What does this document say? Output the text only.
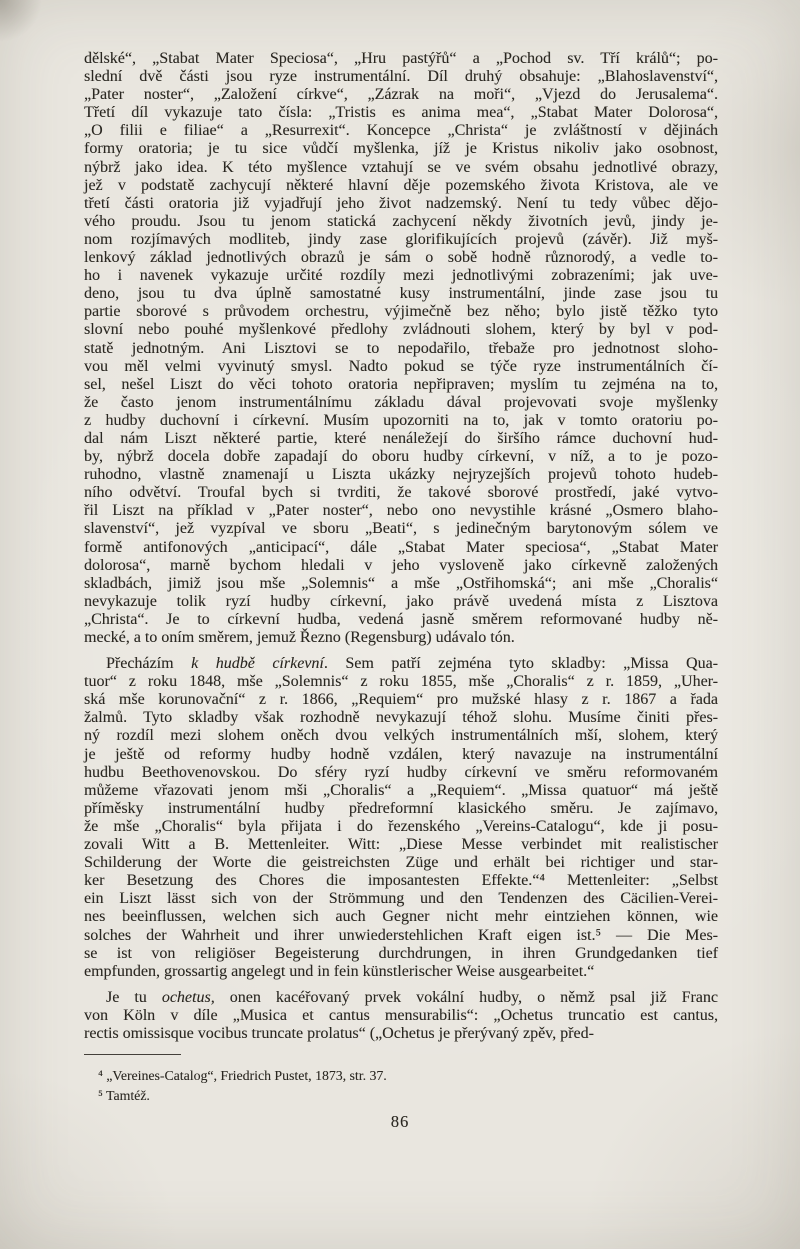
dělské“, „Stabat Mater Speciosa“, „Hru pastýřů“ a „Pochod sv. Tří králů“; po-
slední dvě části jsou ryze instrumentální. Díl druhý obsahuje: „Blahoslavenství“,
„Pater noster“, „Založení církve“, „Zázrak na moři“, „Vjezd do Jerusalema“.
Třetí díl vykazuje tato čísla: „Tristis es anima mea“, „Stabat Mater Dolorosa“,
„O filii e filiae“ a „Resurrexit“. Koncepce „Christa“ je zvláštností v dějinách
formy oratoria; je tu sice vůdčí myšlenka, jíž je Kristus nikoliv jako osobnost,
nýbrž jako idea. K této myšlence vztahují se ve svém obsahu jednotlivé obrazy,
jež v podstatě zachycují některé hlavní děje pozemského života Kristova, ale ve
třetí části oratoria již vyjadřují jeho život nadzemský. Není tu tedy vůbec dějo-
vého proudu. Jsou tu jenom statická zachycení někdy životních jevů, jindy je-
nom rozjímavých modliteb, jindy zase glorifikujících projevů (závěr). Již myš-
lenkový základ jednotlivých obrazů je sám o sobě hodně různorodý, a vedle to-
ho i navenek vykazuje určité rozdíly mezi jednotlivými zobrazeními; jak uve-
deno, jsou tu dva úplně samostatné kusy instrumentální, jinde zase jsou tu
partie sborové s průvodem orchestru, výjimečně bez něho; bylo jistě těžko tyto
slovní nebo pouhé myšlenkové předlohy zvládnouti slohem, který by byl v pod-
statě jednotným. Ani Lisztovi se to nepodařilo, třebaže pro jednotnost sloho-
vou měl velmi vyvinutý smysl. Nadto pokud se týče ryze instrumentálních čí-
sel, nešel Liszt do věci tohoto oratoria nepřipraven; myslím tu zejména na to,
že často jenom instrumentálnímu základu dával projevovati svoje myšlenky
z hudby duchovní i církevní. Musím upozorniti na to, jak v tomto oratoriu po-
dal nám Liszt některé partie, které nenáležejí do širšího rámce duchovní hud-
by, nýbrž docela dobře zapadají do oboru hudby církevní, v níž, a to je pozo-
ruhodno, vlastně znamenají u Liszta ukázky nejryzejších projevů tohoto hudeb-
ního odvětví. Troufal bych si tvrditi, že takové sborové prostředí, jaké vytvo-
řil Liszt na příklad v „Pater noster“, nebo ono nevystihle krásné „Osmero blaho-
slavenství“, jež vyzpíval ve sboru „Beati“, s jedinečným barytonovým sólem ve
formě antifonových „anticipací“, dále „Stabat Mater speciosa“, „Stabat Mater
dolorosa“, marně bychom hledali v jeho vysloveně jako církevně založených
skladbách, jimiž jsou mše „Solemnis“ a mše „Ostřihomská“; ani mše „Choralis“
nevykazuje tolik ryzí hudby církevní, jako právě uvedená místa z Lisztova
„Christa“. Je to církevní hudba, vedená jasně směrem reformované hudby ně-
mecké, a to oním směrem, jemuž Řezno (Regensburg) udávalo tón.
Přecházím k hudbě církevní. Sem patří zejména tyto skladby: „Missa Qua-
tuor“ z roku 1848, mše „Solemnis“ z roku 1855, mše „Choralis“ z r. 1859, „Uher-
ská mše korunovační“ z r. 1866, „Requiem“ pro mužské hlasy z r. 1867 a řada
žalmů. Tyto skladby však rozhodně nevykazují téhož slohu. Musíme činiti přes-
ný rozdíl mezi slohem oněch dvou velkých instrumentálních mší, slohem, který
je ještě od reformy hudby hodně vzdálen, který navazuje na instrumentální
hudbu Beethovenovskou. Do sféry ryzí hudby církevní ve směru reformovaném
můžeme vřazovati jenom mši „Choralis“ a „Requiem“. „Missa quatuor“ má ještě
příměsky instrumentální hudby předreformní klasického směru. Je zajímavo,
že mše „Choralis“ byla přijata i do řezenského „Vereins-Catalogu“, kde ji posu-
zovali Witt a B. Mettenleiter. Witt: „Diese Messe verbindet mit realistischer
Schilderung der Worte die geistreichsten Züge und erhält bei richtiger und star-
ker Besetzung des Chores die imposantesten Effekte.“⁴ Mettenleiter: „Selbst
ein Liszt lässt sich von der Strömmung und den Tendenzen des Cäcilien-Verei-
nes beeinflussen, welchen sich auch Gegner nicht mehr eintziehen können, wie
solches der Wahrheit und ihrer unwiederstehlichen Kraft eigen ist.⁵ — Die Mes-
se ist von religiöser Begeisterung durchdrungen, in ihren Grundgedanken tief
empfunden, grossartig angelegt und in fein künstlerischer Weise ausgearbeitet.“
Je tu ochetus, onen kacéřovaný prvek vokální hudby, o němž psal již Franc
von Köln v díle „Musica et cantus mensurabilis“: „Ochetus truncatio est cantus,
rectis omissisque vocibus truncate prolatus“ („Ochetus je přerývaný zpěv, před-
⁴ „Vereines-Catalog“, Friedrich Pustet, 1873, str. 37.
⁵ Tamtéž.
86
